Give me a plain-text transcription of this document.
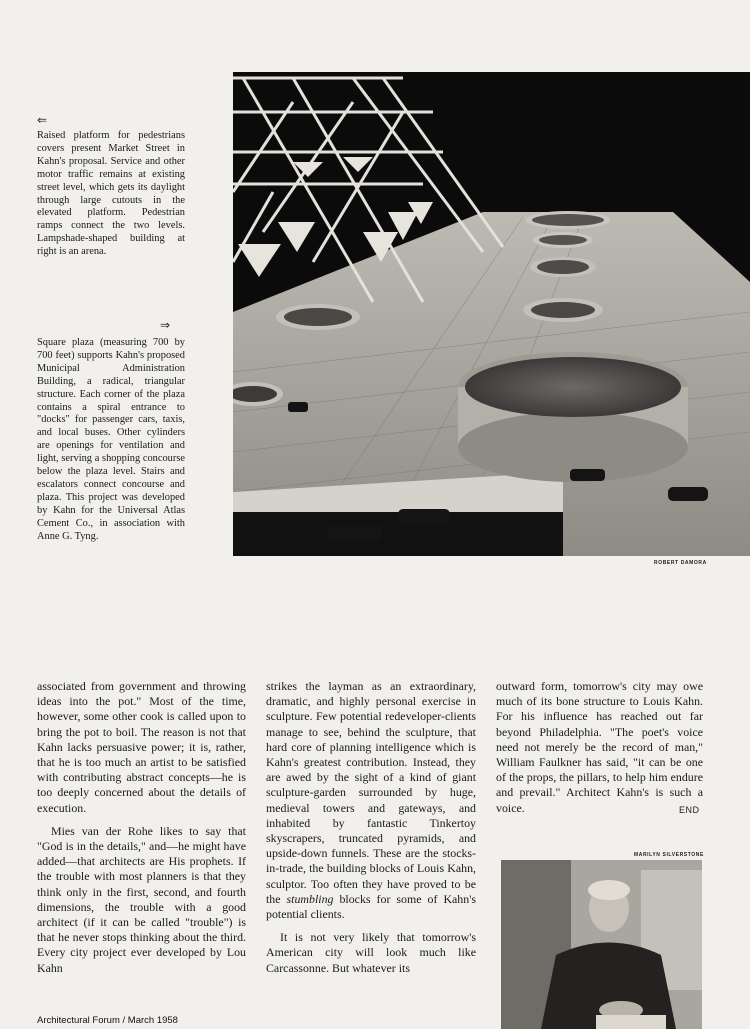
ROBERT DAMORA
⇐
Raised platform for pedestrians covers present Market Street in Kahn's proposal. Service and other motor traffic remains at existing street level, which gets its daylight through large cutouts in the elevated platform. Pedestrian ramps connect the two levels. Lampshade-shaped building at right is an arena.
⇒
Square plaza (measuring 700 by 700 feet) supports Kahn's proposed Municipal Administration Building, a radical, triangular structure. Each corner of the plaza contains a spiral entrance to "docks" for passenger cars, taxis, and local buses. Other cylinders are openings for ventilation and light, serving a shopping concourse below the plaza level. Stairs and escalators connect concourse and plaza. This project was developed by Kahn for the Universal Atlas Cement Co., in association with Anne G. Tyng.

associated from government and throwing ideas into the pot." Most of the time, however, some other cook is called upon to bring the pot to boil. The reason is not that Kahn lacks persuasive power; it is, rather, that he is too much an artist to be satisfied with contributing abstract concepts—he is too deeply concerned about the details of execution.

Mies van der Rohe likes to say that "God is in the details," and—he might have added—that architects are His prophets. If the trouble with most planners is that they think only in the first, second, and fourth dimensions, the trouble with a good architect (if it can be called "trouble") is that he never stops thinking about the third. Every city project ever developed by Lou Kahn

strikes the layman as an extraordinary, dramatic, and highly personal exercise in sculpture. Few potential redeveloper-clients manage to see, behind the sculpture, that hard core of planning intelligence which is Kahn's greatest contribution. Instead, they are awed by the sight of a kind of giant sculpture-garden surrounded by huge, medieval towers and gateways, and inhabited by fantastic Tinkertoy skyscrapers, truncated pyramids, and upside-down funnels. These are the stocks-in-trade, the building blocks of Louis Kahn, sculptor. Too often they have proved to be the stumbling blocks for some of Kahn's potential clients.

It is not very likely that tomorrow's American city will look much like Carcassonne. But whatever its

outward form, tomorrow's city may owe much of its bone structure to Louis Kahn. For his influence has reached out far beyond Philadelphia. "The poet's voice need not merely be the record of man," William Faulkner has said, "it can be one of the props, the pillars, to help him endure and prevail." Architect Kahn's is such a voice.	END
MARILYN SILVERSTONE
Architectural Forum / March 1958
